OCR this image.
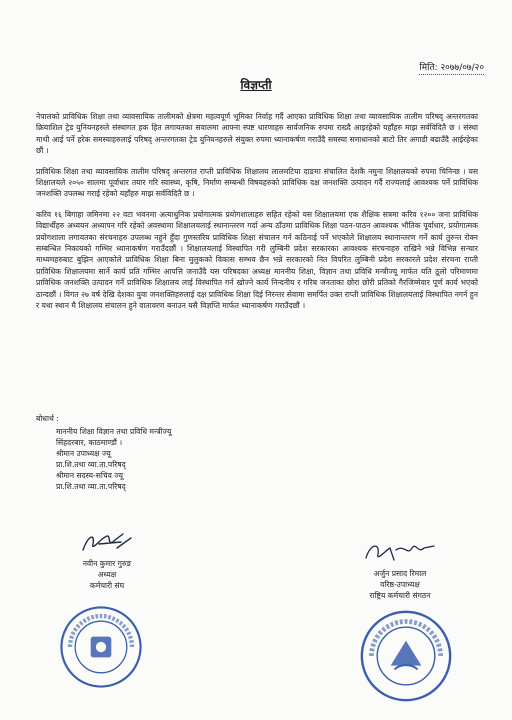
मिति: २०७७/०७/२०
विज्ञप्ती

नेपालको प्राविधिक शिक्षा तथा व्यावसायिक तालीमको क्षेत्रमा महत्वपूर्ण भूमिका निर्वाह गर्दै आएका प्राविधिक शिक्षा तथा व्यावसायिक तालीम परिषद् अन्तरगतका क्रियाशिल ट्रेड युनियनहरुले संस्थागत हक हित लगायतका सवालमा आफ्ना स्पष्ट धारणाहरु सार्वजनिक रुपमा राख्दै आइरहेको यहाँहरु माझ सर्वविदितै छ । संस्था माथी आई पर्ने हरेक समस्याहरुलाई परिषद् अन्तरगतका ट्रेड युनियनहरुले संयुक्त रुपमा ध्यानाकर्षण गराउँदै समस्या समाधानको बाटो तिर अगाडी बढाउँदै आईरहेका छौं ।

प्राविधिक शिक्षा तथा व्यावसायिक तालीम परिषद् अन्तरगत राप्ती प्राविधिक शिक्षालय लालमटिया दाङमा संचालित देशकै नमुना शिक्षालयको रुपमा चिनिन्छ । यस शिक्षालयले २०५० सालमा पूर्वाधार तयार गरि स्वास्थ्य, कृषि, निर्माण सम्बन्धी विषयहरुको प्राविधिक दक्ष जनशक्ति उत्पादन गर्दै राज्यलाई आवश्यक पर्ने प्राविधिक जनशक्ति उपलब्ध गराई रहेको यहाँहरु माझ सर्वविदितै छ ।

करिव १६ बिगाहा जमिनमा २२ वटा भवनमा अत्याधुनिक प्रयोगात्मक प्रयोगशालाहरु सहित रहेको यस शिक्षालयमा एक शैक्षिक सत्रमा करिव १२०० जना प्राविधिक विद्यार्थीहरु अध्ययन अध्यापन गरि रहेको अवस्थामा शिक्षालयलाई स्थानान्तरण गर्दा अन्य ठाँउमा प्राविधिक शिक्षा पठन-पाठन आवश्यक भौतिक पूर्वाधार, प्रयोगात्मक प्रयोगशाला लगायतका संरचनाहरु उपलब्ध नहुने हुँदा गुणस्तरिय प्राविधिक शिक्षा संचालन गर्न कठिनाई पर्ने भएकोले शिक्षालय स्थानान्तरण गर्ने कार्य तुरुन्त रोक्न सम्बन्धित निकायको गम्भिर ध्यानाकर्षण गराउँदछौं । शिक्षालयलाई विस्थापित गरी लुम्बिनी प्रदेश सरकारका आवश्यक संरचनाहरु राखिने भन्ने विभिन्न सन्चार माध्यमहरुबाट बुझिन आएकोले प्राविधिक शिक्षा बिना मुलुकको विकास सम्भव छैन भन्ने सरकारको नित विपरित लुम्बिनी प्रदेश सरकारले प्रदेश संरचना राप्ती प्राविधिक शिक्षालयमा सार्ने कार्य प्रति गम्भिर आपत्ति जनाउँदै यस परिषदका अध्यक्ष माननीय शिक्षा, विज्ञान तथा प्रविधि मन्त्रीज्यू मार्फत यति ठूलो परिमाणमा प्राविधिक जनशक्ति उत्पादन गर्ने प्राविधिक शिक्षालय लाई विस्थापित गर्न खोज्ने कार्य निन्दनीय र गरिब जनताका छोरा छोरी प्रतिको गैरजिम्मेवार पूर्ण कार्य भएको ठान्दछौं । विगत २७ वर्ष देखि देशका युवा जनशक्तिहरुलाई दक्ष प्राविधिक शिक्षा दिई निरन्तर सेवामा समर्पित उक्त राप्ती प्राविधिक शिक्षालयलाई विस्थापित नगर्न हुन र यथा स्थान मै शिक्षालय संचालन हुने वातावरण बनाउन यसै विज्ञप्ति मार्फत ध्यानाकर्षण गराउँदछौं ।

बोधार्थ :
माननीय शिक्षा विज्ञान तथा प्रविधि मन्त्रीज्यू
सिंहदरबार, काठमाण्डौं ।
श्रीमान उपाध्यक्ष ज्यू
प्रा.शि.तथा व्या.ता.परिषद्
श्रीमान सदस्य-सचिव ज्यू
प्रा.शि.तथा व्या.ता.परिषद्
नवीन कुमार गुरुङ
अध्यक्ष
कर्मचारी संघ
अर्जुन प्रसाद रिमाल
वरिष्ठ-उपाध्यक्ष
राष्ट्रिय कर्मचारी संगठन
